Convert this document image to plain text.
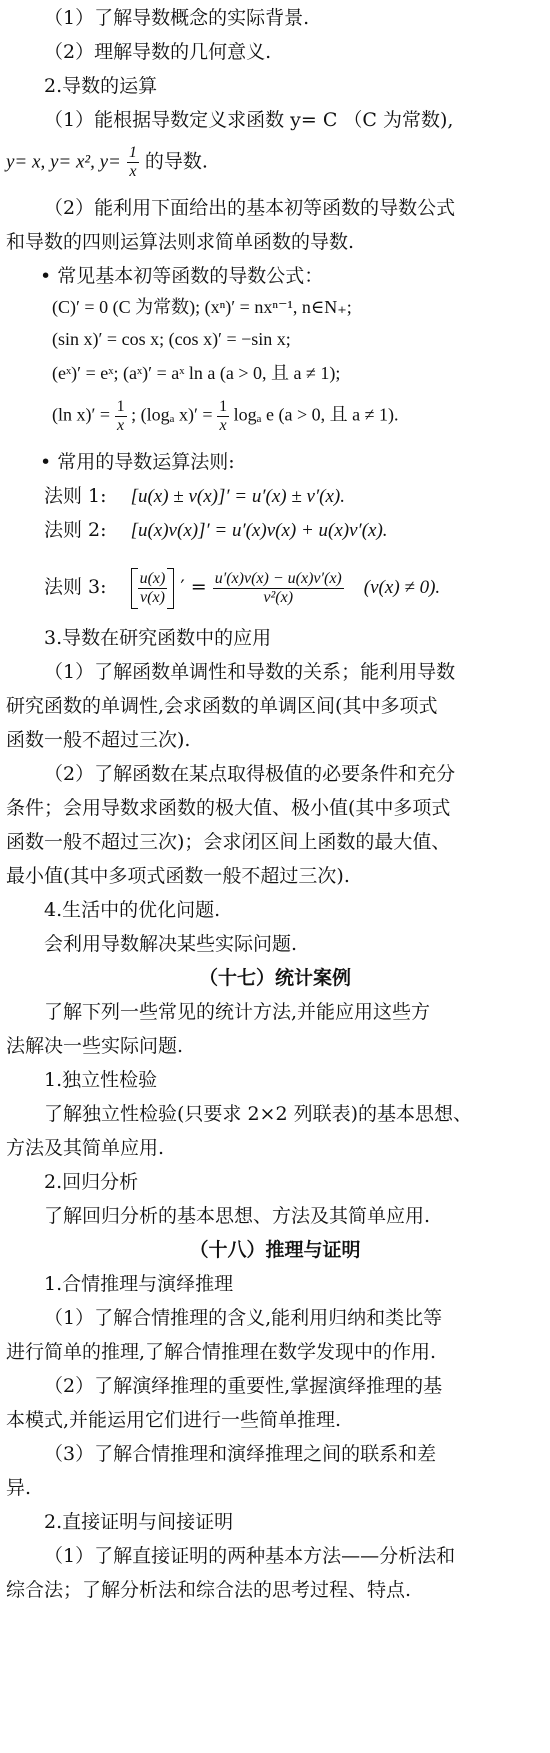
（1）了解导数概念的实际背景.
（2）理解导数的几何意义.
2.导数的运算
（1）能根据导数定义求函数 y= C （C 为常数),
y= x, y= x², $y= \frac{1}{x}$ 的导数.
（2）能利用下面给出的基本初等函数的导数公式
和导数的四则运算法则求简单函数的导数.
• 常见基本初等函数的导数公式：
(C)′ = 0 (C 为常数); (xⁿ)′ = nxⁿ⁻¹, n∈N₊;
(sin x)′ = cos x; (cos x)′ = −sin x;
(eˣ)′ = eˣ; (aˣ)′ = aˣ ln a (a > 0, 且 a ≠ 1);
(ln $x)' = \frac{1}{x}$ ; (logₐ $x)' = \frac{1}{x}$ logₐ e (a > 0, 且 a ≠ 1).
• 常用的导数运算法则:
法则 1: [u(x) ± v(x)]′ = u′(x) ± v′(x).
法则 2: [u(x)v(x)]′ = u′(x)v(x) + u(x)v′(x).
法则 3: $\frac{u(x)}{v(x)}$ ′ = $\frac{u'(x)v(x) - u(x)v'(x)}{\text{v²(x)}} (v(x) \ne 0)$.
3.导数在研究函数中的应用
（1）了解函数单调性和导数的关系；能利用导数
研究函数的单调性,会求函数的单调区间(其中多项式
函数一般不超过三次).
（2）了解函数在某点取得极值的必要条件和充分
条件；会用导数求函数的极大值、极小值(其中多项式
函数一般不超过三次)；会求闭区间上函数的最大值、
最小值(其中多项式函数一般不超过三次).
4.生活中的优化问题.
会利用导数解决某些实际问题.
（十七）统计案例
了解下列一些常见的统计方法,并能应用这些方
法解决一些实际问题.
1.独立性检验
了解独立性检验(只要求 2×2 列联表)的基本思想、
方法及其简单应用.
2.回归分析
了解回归分析的基本思想、方法及其简单应用.
（十八）推理与证明
1.合情推理与演绎推理
（1）了解合情推理的含义,能利用归纳和类比等
进行简单的推理,了解合情推理在数学发现中的作用.
（2）了解演绎推理的重要性,掌握演绎推理的基
本模式,并能运用它们进行一些简单推理.
（3）了解合情推理和演绎推理之间的联系和差
异.
2.直接证明与间接证明
（1）了解直接证明的两种基本方法——分析法和
综合法；了解分析法和综合法的思考过程、特点.
